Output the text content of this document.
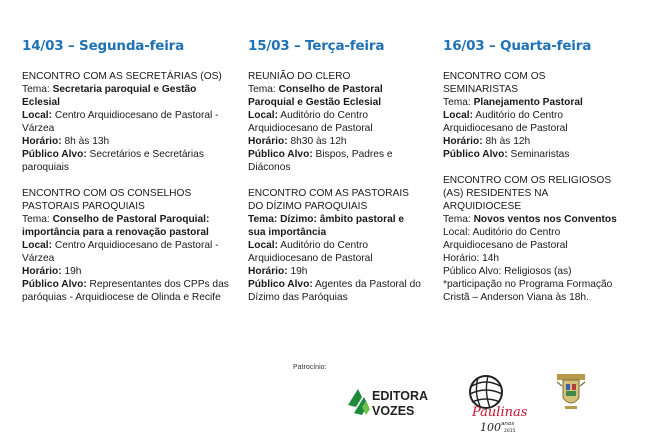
14/03 – Segunda-feira
ENCONTRO COM AS SECRETÁRIAS (OS)
Tema: Secretaria paroquial e Gestão Eclesial
Local: Centro Arquidiocesano de Pastoral - Várzea
Horário: 8h às 13h
Público Alvo: Secretários e Secretárias paroquiais
ENCONTRO COM OS CONSELHOS PASTORAIS PAROQUIAIS
Tema: Conselho de Pastoral Paroquial: importância para a renovação pastoral
Local: Centro Arquidiocesano de Pastoral - Várzea
Horário: 19h
Público Alvo: Representantes dos CPPs das paróquias - Arquidiocese de Olinda e Recife
15/03 – Terça-feira
REUNIÃO DO CLERO
Tema: Conselho de Pastoral Paroquial e Gestão Eclesial
Local: Auditório do Centro Arquidiocesano de Pastoral
Horário: 8h30 às 12h
Público Alvo: Bispos, Padres e Diáconos
ENCONTRO COM AS PASTORAIS DO DÍZIMO PAROQUIAIS
Tema: Dízimo: âmbito pastoral e sua importância
Local: Auditório do Centro Arquidiocesano de Pastoral
Horário: 19h
Público Alvo: Agentes da Pastoral do Dízimo das Paróquias
16/03 – Quarta-feira
ENCONTRO COM OS SEMINARISTAS
Tema: Planejamento Pastoral
Local: Auditório do Centro Arquidiocesano de Pastoral
Horário: 8h às 12h
Público Alvo: Seminaristas
ENCONTRO COM OS RELIGIOSOS (AS) RESIDENTES NA ARQUIDIOCESE
Tema: Novos ventos nos Conventos
Local: Auditório do Centro Arquidiocesano de Pastoral
Horário: 14h
Público Alvo: Religiosos (as)
*participação no Programa Formação Cristã – Anderson Viana às 18h.
Patrocínio:
EDITORA
VOZES	Paulinas
100 anos
2015
